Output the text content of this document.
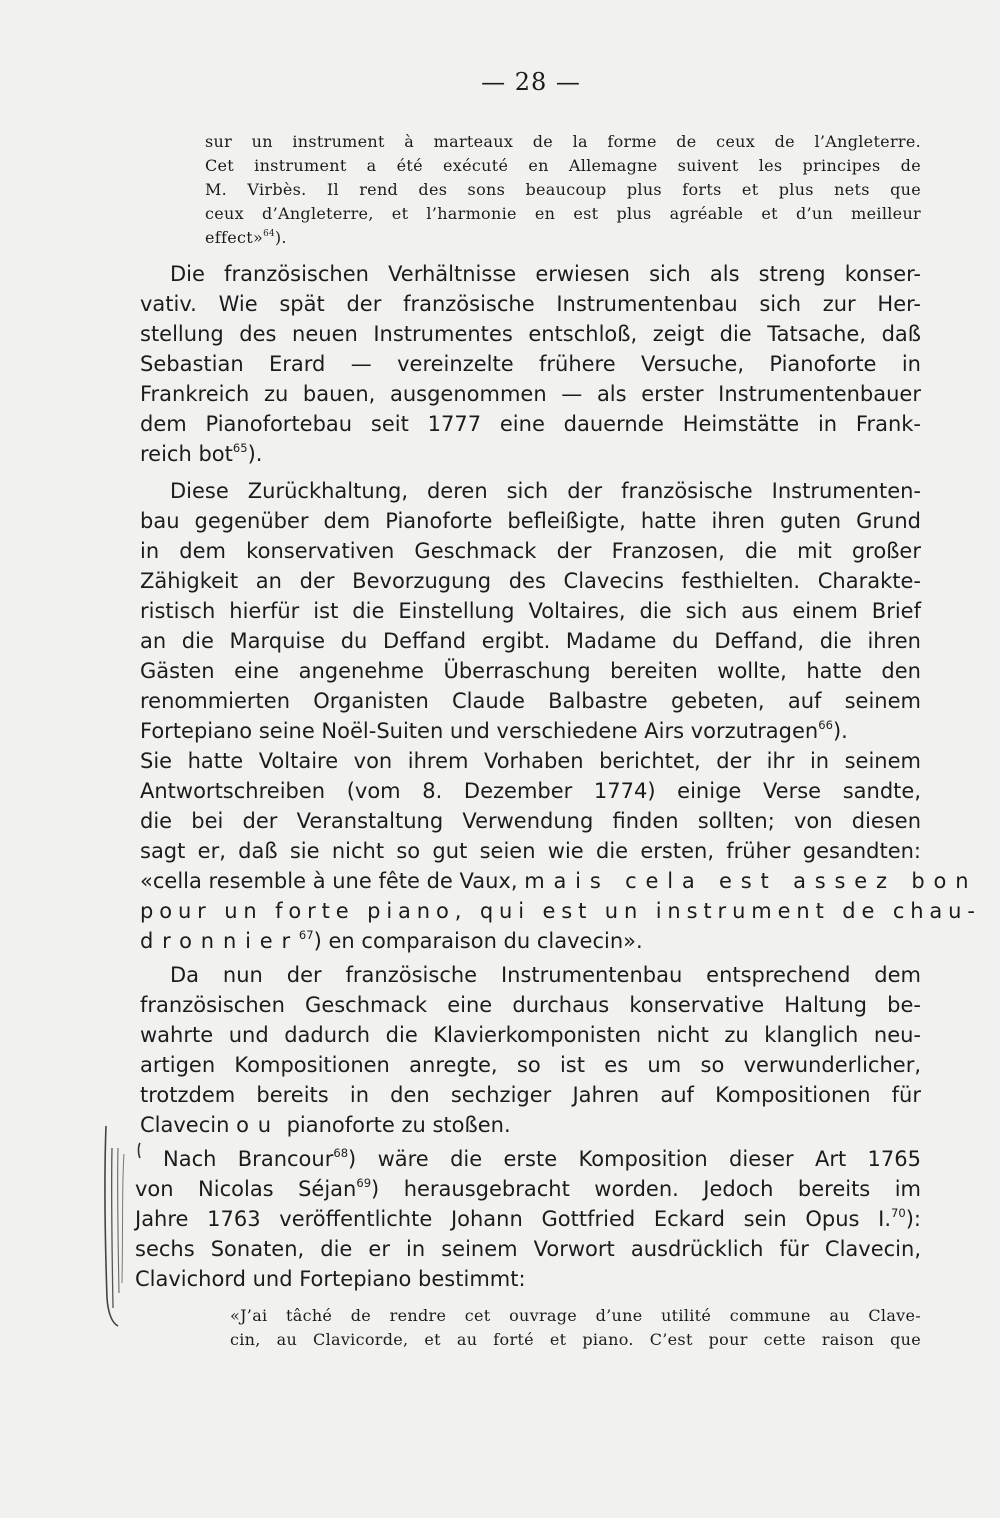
— 28 —

sur un instrument à marteaux de la forme de ceux de l’Angleterre.

Cet instrument a été exécuté en Allemagne suivent les principes de

M. Virbès. Il rend des sons beaucoup plus forts et plus nets que

ceux d’Angleterre, et l’harmonie en est plus agréable et d’un meilleur

effect»$^{64}$).

Die französischen Verhältnisse erwiesen sich als streng konser-

vativ. Wie spät der französische Instrumentenbau sich zur Her-

stellung des neuen Instrumentes entschloß, zeigt die Tatsache, daß

Sebastian Erard — vereinzelte frühere Versuche, Pianoforte in

Frankreich zu bauen, ausgenommen — als erster Instrumentenbauer

dem Pianofortebau seit 1777 eine dauernde Heimstätte in Frank-

reich bot$^{65}$).

Diese Zurückhaltung, deren sich der französische Instrumenten-

bau gegenüber dem Pianoforte befleißigte, hatte ihren guten Grund

in dem konservativen Geschmack der Franzosen, die mit großer

Zähigkeit an der Bevorzugung des Clavecins festhielten. Charakte-

ristisch hierfür ist die Einstellung Voltaires, die sich aus einem Brief

an die Marquise du Deffand ergibt. Madame du Deffand, die ihren

Gästen eine angenehme Überraschung bereiten wollte, hatte den

renommierten Organisten Claude Balbastre gebeten, auf seinem

Fortepiano seine Noël-Suiten und verschiedene Airs vorzutragen$^{66}$).

Sie hatte Voltaire von ihrem Vorhaben berichtet, der ihr in seinem

Antwortschreiben (vom 8. Dezember 1774) einige Verse sandte,

die bei der Veranstaltung Verwendung finden sollten; von diesen

sagt er, daß sie nicht so gut seien wie die ersten, früher gesandten:

«cella resemble à une fête de Vaux, mais cela est assez bon

pour un forte piano, qui est un instrument de chau-

dronnier$^{67}$) en comparaison du clavecin».

Da nun der französische Instrumentenbau entsprechend dem

französischen Geschmack eine durchaus konservative Haltung be-

wahrte und dadurch die Klavierkomponisten nicht zu klanglich neu-

artigen Kompositionen anregte, so ist es um so verwunderlicher,

trotzdem bereits in den sechziger Jahren auf Kompositionen für

Clavecin ou pianoforte zu stoßen.

Nach Brancour$^{68}$) wäre die erste Komposition dieser Art 1765

von Nicolas Séjan$^{69}$) herausgebracht worden. Jedoch bereits im

Jahre 1763 veröffentlichte Johann Gottfried Eckard sein Opus I.$^{70}$):

sechs Sonaten, die er in seinem Vorwort ausdrücklich für Clavecin,

Clavichord und Fortepiano bestimmt:

«J’ai tâché de rendre cet ouvrage d’une utilité commune au Clave-

cin, au Clavicorde, et au forté et piano. C’est pour cette raison que
